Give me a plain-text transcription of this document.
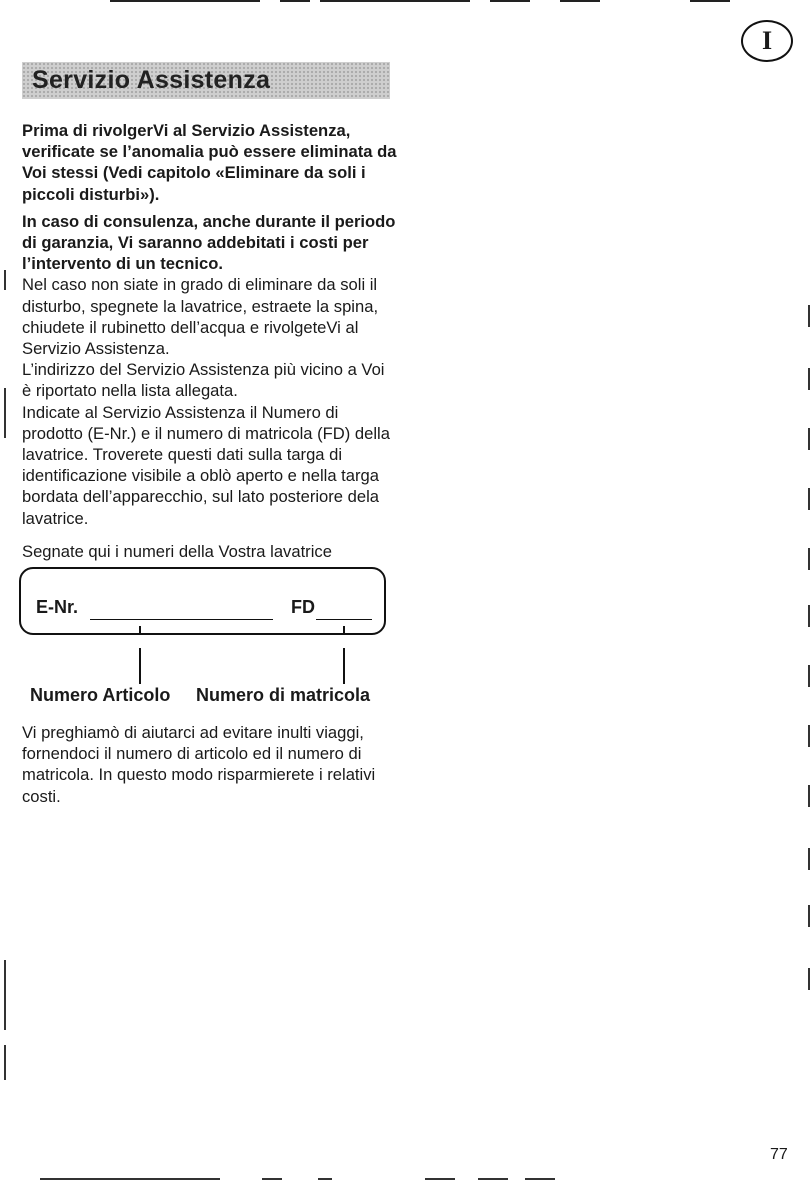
I
Servizio Assistenza

Prima di rivolgerVi al Servizio Assistenza, verificate se l’anomalia può essere eliminata da Voi stessi (Vedi capitolo «Eliminare da soli i piccoli disturbi»).

In caso di consulenza, anche durante il periodo di garanzia, Vi saranno addebitati i costi per l’intervento di un tecnico.

Nel caso non siate in grado di eliminare da soli il disturbo, spegnete la lavatrice, estraete la spina, chiudete il rubinetto dell’acqua e rivolgeteVi al Servizio Assistenza.

L’indirizzo del Servizio Assistenza più vicino a Voi è riportato nella lista allegata.

Indicate al Servizio Assistenza il Numero di prodotto (E-Nr.) e il numero di matricola (FD) della lavatrice. Troverete questi dati sulla targa di identificazione visibile a oblò aperto e nella targa bordata dell’apparecchio, sul lato posteriore dela lavatrice.

Segnate qui i numeri della Vostra lavatrice

E-Nr.	FD
Numero Articolo Numero di matricola

Vi preghiamò di aiutarci ad evitare inulti viaggi, fornendoci il numero di articolo ed il numero di matricola. In questo modo risparmierete i relativi costi.

77
